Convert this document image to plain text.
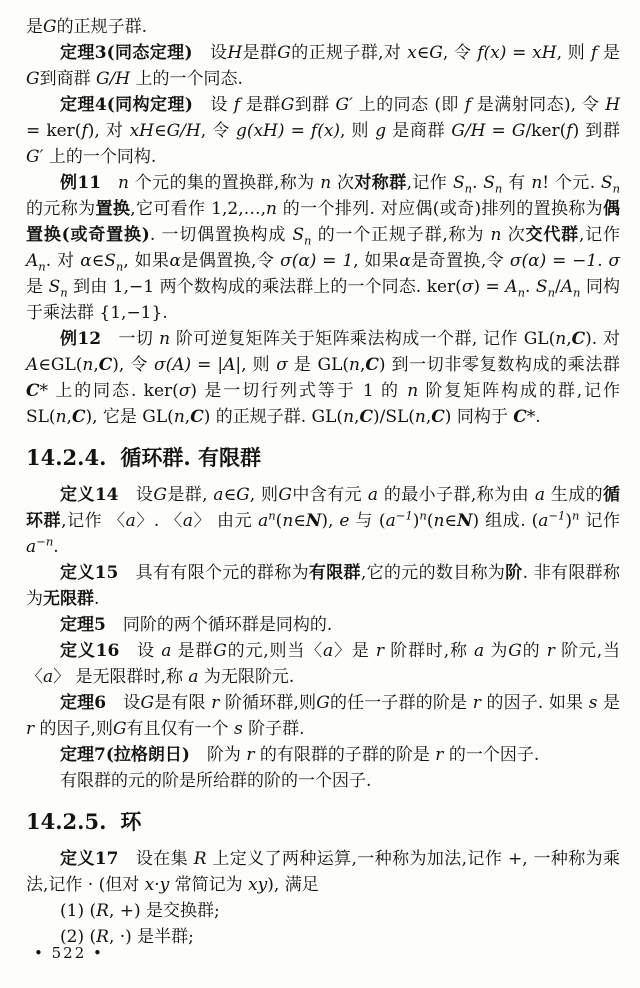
是G的正规子群.

定理3(同态定理) 设H是群G的正规子群,对 x∈G, 令 f(x) = xH, 则 f 是G到商群 G/H 上的一个同态.

定理4(同构定理) 设 f 是群G到群 G′ 上的同态 (即 f 是满射同态), 令 H = ker(f), 对 xH∈G/H, 令 g(xH) = f(x), 则 g 是商群 G/H = G/ker(f) 到群 G′ 上的一个同构.

例11  n 个元的集的置换群,称为 n 次对称群,记作 $S_n$. $S_n$ 有 n! 个元. $S_n$ 的元称为置换,它可看作 1,2,…,n 的一个排列. 对应偶(或奇)排列的置换称为偶置换(或奇置换). 一切偶置换构成 $S_n$ 的一个正规子群,称为 n 次交代群,记作 $A_n$. 对 $\alpha\in S_n$, 如果α是偶置换,令 σ(α) = 1, 如果α是奇置换,令 σ(α) = −1. σ 是 $S_n$ 到由 1,−1 两个数构成的乘法群上的一个同态. $ker(\sigma) = A_n$. $S_n/A_n$ 同构于乘法群 {1,−1}.

例12 一切 n 阶可逆复矩阵关于矩阵乘法构成一个群, 记作 GL(n,C). 对 A∈GL(n,C), 令 σ(A) = |A|, 则 σ 是 GL(n,C) 到一切非零复数构成的乘法群 C* 上的同态. ker(σ) 是一切行列式等于 1 的 n 阶复矩阵构成的群,记作 SL(n,C), 它是 GL(n,C) 的正规子群. GL(n,C)/SL(n,C) 同构于 C*.

14.2.4. 循环群. 有限群

定义14 设G是群, a∈G, 则G中含有元 a 的最小子群,称为由 a 生成的循环群,记作 〈a〉. 〈a〉 由元 $a^n(n\in N)$, e 与 $(a^{-1})^n(n\in N)$ 组成. $(a^{-1})^n$ 记作 $a^{-n}$.

定义15 具有有限个元的群称为有限群,它的元的数目称为阶. 非有限群称为无限群.

定理5 同阶的两个循环群是同构的.

定义16 设 a 是群G的元,则当〈a〉是 r 阶群时,称 a 为G的 r 阶元,当 〈a〉 是无限群时,称 a 为无限阶元.

定理6 设G是有限 r 阶循环群,则G的任一子群的阶是 r 的因子. 如果 s 是 r 的因子,则G有且仅有一个 s 阶子群.

定理7(拉格朗日) 阶为 r 的有限群的子群的阶是 r 的一个因子.

有限群的元的阶是所给群的阶的一个因子.

14.2.5. 环

定义17 设在集 R 上定义了两种运算,一种称为加法,记作 +, 一种称为乘法,记作 · (但对 x·y 常简记为 xy), 满足

(1) (R, +) 是交换群;

(2) (R, ·) 是半群;

• 522 •
